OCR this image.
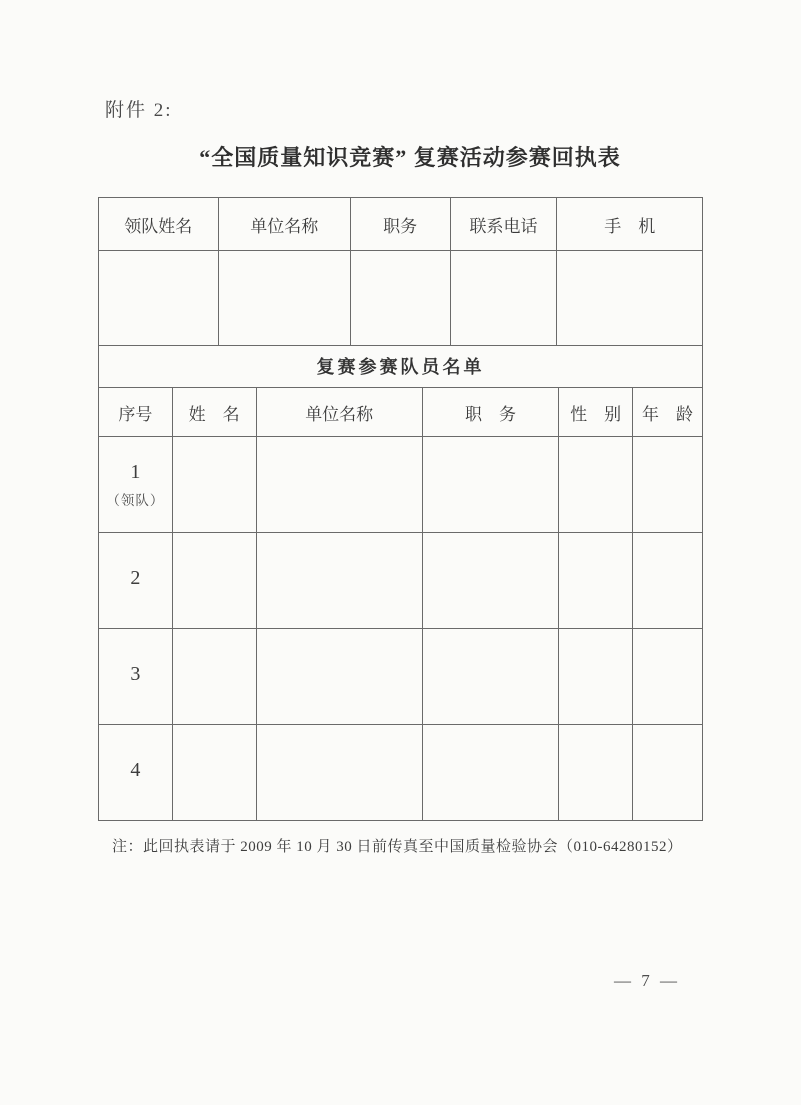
附件 2:
“全国质量知识竞赛” 复赛活动参赛回执表
领队姓名	单位名称	职务	联系电话	手　机

复赛参赛队员名单
序号	姓　名	单位名称	职　务	性　别	年　龄

1
（领队）					

2					

3					

4					

注：此回执表请于 2009 年 10 月 30 日前传真至中国质量检验协会（010-64280152）
— 7 —
